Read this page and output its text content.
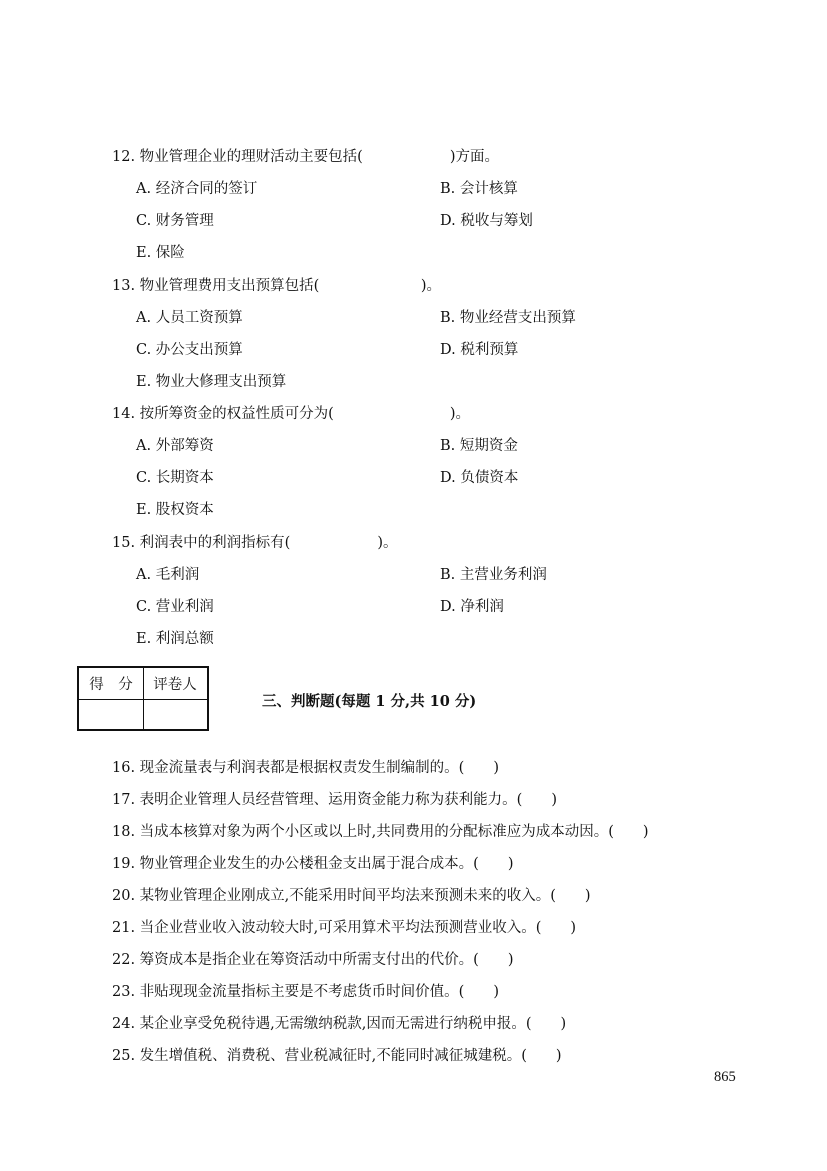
12. 物业管理企业的理财活动主要包括(　　　　　　)方面。
A. 经济合同的签订	B. 会计核算
C. 财务管理	D. 税收与筹划
E. 保险
13. 物业管理费用支出预算包括(　　　　　　　)。
A. 人员工资预算	B. 物业经营支出预算
C. 办公支出预算	D. 税利预算
E. 物业大修理支出预算
14. 按所筹资金的权益性质可分为(　　　　　　　　)。
A. 外部筹资	B. 短期资金
C. 长期资本	D. 负债资本
E. 股权资本
15. 利润表中的利润指标有(　　　　　　)。
A. 毛利润	B. 主营业务利润
C. 营业利润	D. 净利润
E. 利润总额
得　分	评卷人
三、判断题(每题 1 分,共 10 分)
16. 现金流量表与利润表都是根据权责发生制编制的。(　　)
17. 表明企业管理人员经营管理、运用资金能力称为获利能力。(　　)
18. 当成本核算对象为两个小区或以上时,共同费用的分配标准应为成本动因。(　　)
19. 物业管理企业发生的办公楼租金支出属于混合成本。(　　)
20. 某物业管理企业刚成立,不能采用时间平均法来预测未来的收入。(　　)
21. 当企业营业收入波动较大时,可采用算术平均法预测营业收入。(　　)
22. 筹资成本是指企业在筹资活动中所需支付出的代价。(　　)
23. 非贴现现金流量指标主要是不考虑货币时间价值。(　　)
24. 某企业享受免税待遇,无需缴纳税款,因而无需进行纳税申报。(　　)
25. 发生增值税、消费税、营业税减征时,不能同时减征城建税。(　　)
865
